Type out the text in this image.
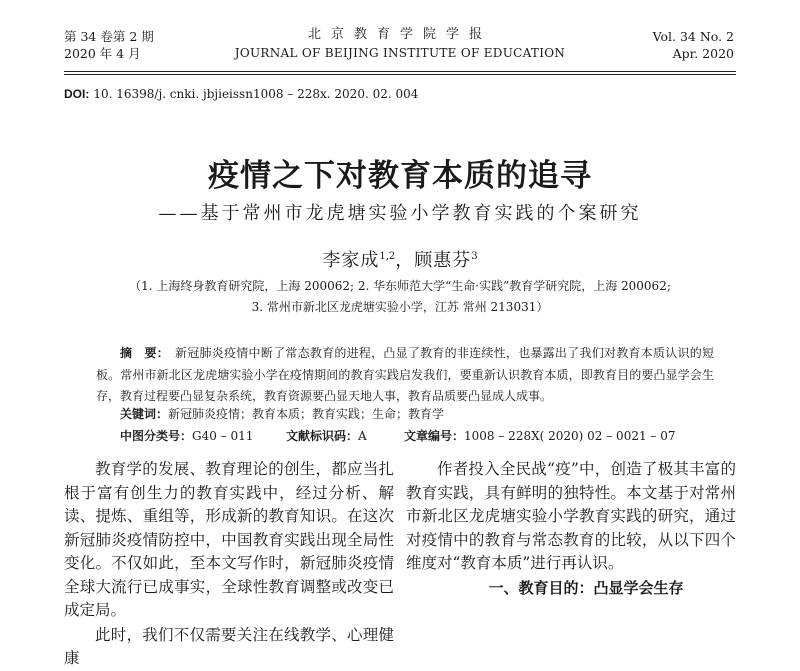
第 34 卷第 2 期
2020 年 4 月
北京教育学院学报
JOURNAL OF BEIJING INSTITUTE OF EDUCATION
Vol. 34 No. 2
Apr. 2020
DOI: 10. 16398/j. cnki. jbjieissn1008 – 228x. 2020. 02. 004
疫情之下对教育本质的追寻
——基于常州市龙虎塘实验小学教育实践的个案研究
李家成$^{1,2}$，顾惠芬$^3$
（1. 上海终身教育研究院，上海 200062; 2. 华东师范大学“生命·实践”教育学研究院，上海 200062;
3. 常州市新北区龙虎塘实验小学，江苏 常州 213031）
摘　要： 新冠肺炎疫情中断了常态教育的进程，凸显了教育的非连续性，也暴露出了我们对教育本质认识的短板。常州市新北区龙虎塘实验小学在疫情期间的教育实践启发我们，要重新认识教育本质，即教育目的要凸显学会生存，教育过程要凸显复杂系统，教育资源要凸显天地人事，教育品质要凸显成人成事。
关键词：新冠肺炎疫情；教育本质；教育实践；生命；教育学
中图分类号：G40 – 011	文献标识码：A	文章编号：1008 – 228X( 2020) 02 – 0021 – 07

教育学的发展、教育理论的创生，都应当扎根于富有创生力的教育实践中，经过分析、解读、提炼、重组等，形成新的教育知识。在这次新冠肺炎疫情防控中，中国教育实践出现全局性变化。不仅如此，至本文写作时，新冠肺炎疫情全球大流行已成事实，全球性教育调整或改变已成定局。

此时，我们不仅需要关注在线教学、心理健康

作者投入全民战“疫”中，创造了极其丰富的教育实践，具有鲜明的独特性。本文基于对常州市新北区龙虎塘实验小学教育实践的研究，通过对疫情中的教育与常态教育的比较，从以下四个维度对“教育本质”进行再认识。

一、教育目的：凸显学会生存
